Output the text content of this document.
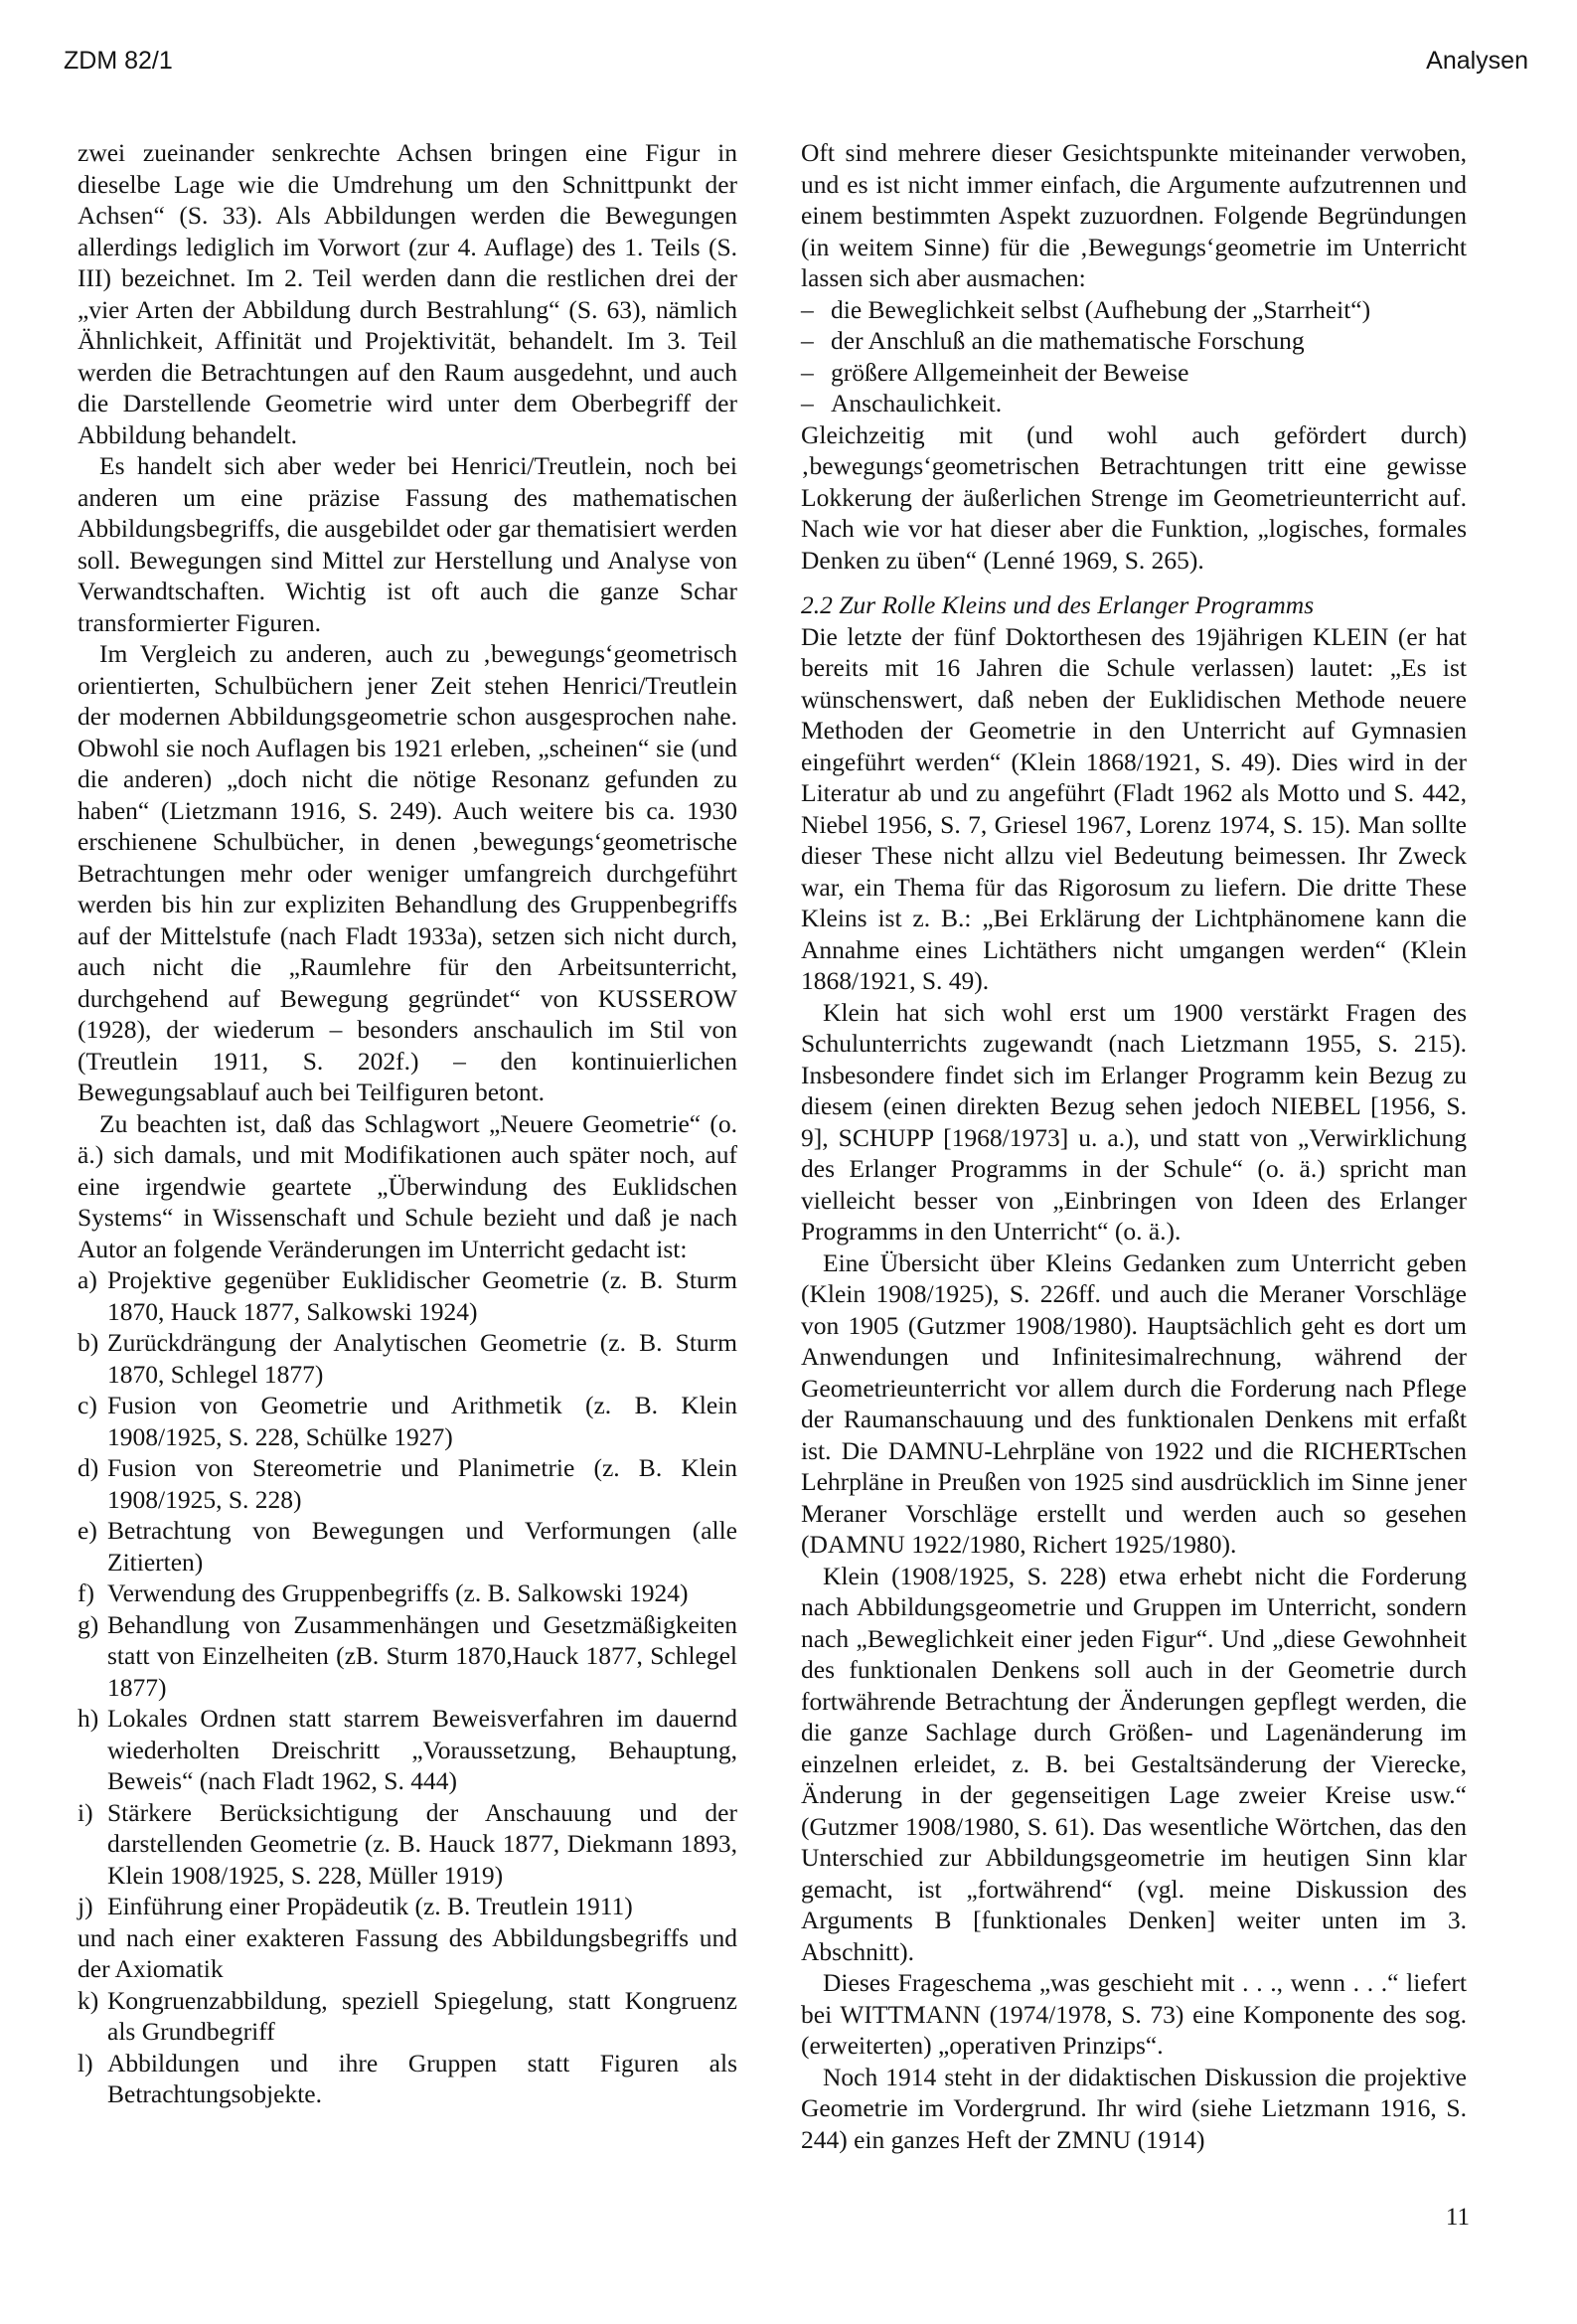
ZDM 82/1	Analysen

zwei zueinander senkrechte Achsen bringen eine Figur in dieselbe Lage wie die Umdrehung um den Schnittpunkt der Achsen“ (S. 33). Als Abbildungen werden die Bewegungen allerdings lediglich im Vorwort (zur 4. Auflage) des 1. Teils (S. III) bezeichnet. Im 2. Teil werden dann die restlichen drei der „vier Arten der Abbildung durch Bestrahlung“ (S. 63), nämlich Ähnlichkeit, Affinität und Projektivität, behandelt. Im 3. Teil werden die Betrachtungen auf den Raum ausgedehnt, und auch die Darstellende Geometrie wird unter dem Oberbegriff der Abbildung behandelt.

Es handelt sich aber weder bei Henrici/Treutlein, noch bei anderen um eine präzise Fassung des mathematischen Abbildungsbegriffs, die ausgebildet oder gar thematisiert werden soll. Bewegungen sind Mittel zur Herstellung und Analyse von Verwandtschaften. Wichtig ist oft auch die ganze Schar transformierter Figuren.

Im Vergleich zu anderen, auch zu ‚bewegungs‘geometrisch orientierten, Schulbüchern jener Zeit stehen Henrici/Treutlein der modernen Abbildungsgeometrie schon ausgesprochen nahe. Obwohl sie noch Auflagen bis 1921 erleben, „scheinen“ sie (und die anderen) „doch nicht die nötige Resonanz gefunden zu haben“ (Lietzmann 1916, S. 249). Auch weitere bis ca. 1930 erschienene Schulbücher, in denen ‚bewegungs‘geometrische Betrachtungen mehr oder weniger umfangreich durchgeführt werden bis hin zur expliziten Behandlung des Gruppenbegriffs auf der Mittelstufe (nach Fladt 1933a), setzen sich nicht durch, auch nicht die „Raumlehre für den Arbeitsunterricht, durchgehend auf Bewegung gegründet“ von KUSSEROW (1928), der wiederum – besonders anschaulich im Stil von (Treutlein 1911, S. 202f.) – den kontinuierlichen Bewegungsablauf auch bei Teilfiguren betont.

Zu beachten ist, daß das Schlagwort „Neuere Geometrie“ (o. ä.) sich damals, und mit Modifikationen auch später noch, auf eine irgendwie geartete „Überwindung des Euklidschen Systems“ in Wissenschaft und Schule bezieht und daß je nach Autor an folgende Veränderungen im Unterricht gedacht ist:

a) Projektive gegenüber Euklidischer Geometrie (z. B. Sturm 1870, Hauck 1877, Salkowski 1924)
b) Zurückdrängung der Analytischen Geometrie (z. B. Sturm 1870, Schlegel 1877)
c) Fusion von Geometrie und Arithmetik (z. B. Klein 1908/1925, S. 228, Schülke 1927)
d) Fusion von Stereometrie und Planimetrie (z. B. Klein 1908/1925, S. 228)
e) Betrachtung von Bewegungen und Verformungen (alle Zitierten)
f) Verwendung des Gruppenbegriffs (z. B. Salkowski 1924)
g) Behandlung von Zusammenhängen und Gesetzmäßigkeiten statt von Einzelheiten (zB. Sturm 1870,Hauck 1877, Schlegel 1877)
h) Lokales Ordnen statt starrem Beweisverfahren im dauernd wiederholten Dreischritt „Voraussetzung, Behauptung, Beweis“ (nach Fladt 1962, S. 444)
i) Stärkere Berücksichtigung der Anschauung und der darstellenden Geometrie (z. B. Hauck 1877, Diekmann 1893, Klein 1908/1925, S. 228, Müller 1919)
j) Einführung einer Propädeutik (z. B. Treutlein 1911)

und nach einer exakteren Fassung des Abbildungsbegriffs und der Axiomatik

k) Kongruenzabbildung, speziell Spiegelung, statt Kongruenz als Grundbegriff
l) Abbildungen und ihre Gruppen statt Figuren als Betrachtungsobjekte.

Oft sind mehrere dieser Gesichtspunkte miteinander verwoben, und es ist nicht immer einfach, die Argumente aufzutrennen und einem bestimmten Aspekt zuzuordnen. Folgende Begründungen (in weitem Sinne) für die ‚Bewegungs‘geometrie im Unterricht lassen sich aber ausmachen:

– die Beweglichkeit selbst (Aufhebung der „Starrheit“)
– der Anschluß an die mathematische Forschung
– größere Allgemeinheit der Beweise
– Anschaulichkeit.

Gleichzeitig mit (und wohl auch gefördert durch) ‚bewegungs‘geometrischen Betrachtungen tritt eine gewisse Lokkerung der äußerlichen Strenge im Geometrieunterricht auf. Nach wie vor hat dieser aber die Funktion, „logisches, formales Denken zu üben“ (Lenné 1969, S. 265).

2.2 Zur Rolle Kleins und des Erlanger Programms

Die letzte der fünf Doktorthesen des 19jährigen KLEIN (er hat bereits mit 16 Jahren die Schule verlassen) lautet: „Es ist wünschenswert, daß neben der Euklidischen Methode neuere Methoden der Geometrie in den Unterricht auf Gymnasien eingeführt werden“ (Klein 1868/1921, S. 49). Dies wird in der Literatur ab und zu angeführt (Fladt 1962 als Motto und S. 442, Niebel 1956, S. 7, Griesel 1967, Lorenz 1974, S. 15). Man sollte dieser These nicht allzu viel Bedeutung beimessen. Ihr Zweck war, ein Thema für das Rigorosum zu liefern. Die dritte These Kleins ist z. B.: „Bei Erklärung der Lichtphänomene kann die Annahme eines Lichtäthers nicht umgangen werden“ (Klein 1868/1921, S. 49).

Klein hat sich wohl erst um 1900 verstärkt Fragen des Schulunterrichts zugewandt (nach Lietzmann 1955, S. 215). Insbesondere findet sich im Erlanger Programm kein Bezug zu diesem (einen direkten Bezug sehen jedoch NIEBEL [1956, S. 9], SCHUPP [1968/1973] u. a.), und statt von „Verwirklichung des Erlanger Programms in der Schule“ (o. ä.) spricht man vielleicht besser von „Einbringen von Ideen des Erlanger Programms in den Unterricht“ (o. ä.).

Eine Übersicht über Kleins Gedanken zum Unterricht geben (Klein 1908/1925), S. 226ff. und auch die Meraner Vorschläge von 1905 (Gutzmer 1908/1980). Hauptsächlich geht es dort um Anwendungen und Infinitesimalrechnung, während der Geometrieunterricht vor allem durch die Forderung nach Pflege der Raumanschauung und des funktionalen Denkens mit erfaßt ist. Die DAMNU-Lehrpläne von 1922 und die RICHERTschen Lehrpläne in Preußen von 1925 sind ausdrücklich im Sinne jener Meraner Vorschläge erstellt und werden auch so gesehen (DAMNU 1922/1980, Richert 1925/1980).

Klein (1908/1925, S. 228) etwa erhebt nicht die Forderung nach Abbildungsgeometrie und Gruppen im Unterricht, sondern nach „Beweglichkeit einer jeden Figur“. Und „diese Gewohnheit des funktionalen Denkens soll auch in der Geometrie durch fortwährende Betrachtung der Änderungen gepflegt werden, die die ganze Sachlage durch Größen- und Lagenänderung im einzelnen erleidet, z. B. bei Gestaltsänderung der Vierecke, Änderung in der gegenseitigen Lage zweier Kreise usw.“ (Gutzmer 1908/1980, S. 61). Das wesentliche Wörtchen, das den Unterschied zur Abbildungsgeometrie im heutigen Sinn klar gemacht, ist „fortwährend“ (vgl. meine Diskussion des Arguments B [funktionales Denken] weiter unten im 3. Abschnitt).

Dieses Frageschema „was geschieht mit . . ., wenn . . .“ liefert bei WITTMANN (1974/1978, S. 73) eine Komponente des sog. (erweiterten) „operativen Prinzips“.

Noch 1914 steht in der didaktischen Diskussion die projektive Geometrie im Vordergrund. Ihr wird (siehe Lietzmann 1916, S. 244) ein ganzes Heft der ZMNU (1914)

11
